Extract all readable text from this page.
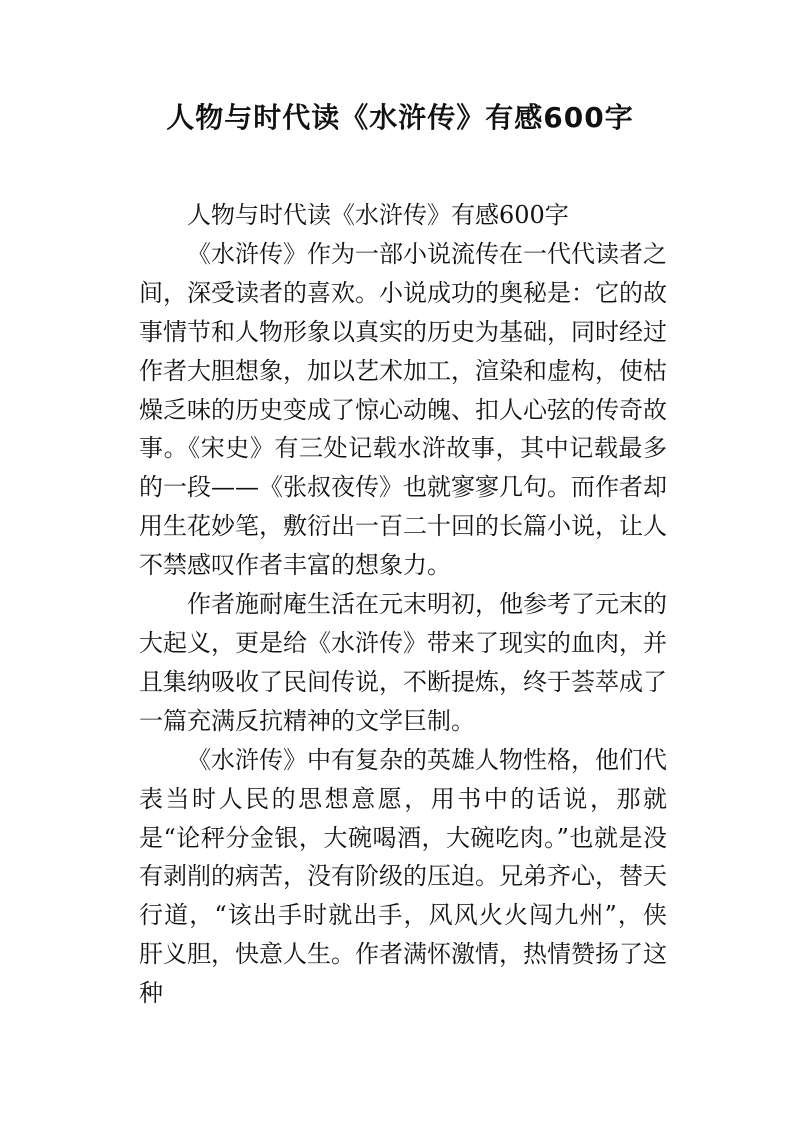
人物与时代读《水浒传》有感600字

人物与时代读《水浒传》有感600字

《水浒传》作为一部小说流传在一代代读者之间，深受读者的喜欢。小说成功的奥秘是：它的故事情节和人物形象以真实的历史为基础，同时经过作者大胆想象，加以艺术加工，渲染和虚构，使枯燥乏味的历史变成了惊心动魄、扣人心弦的传奇故事。《宋史》有三处记载水浒故事，其中记载最多的一段——《张叔夜传》也就寥寥几句。而作者却用生花妙笔，敷衍出一百二十回的长篇小说，让人不禁感叹作者丰富的想象力。

作者施耐庵生活在元末明初，他参考了元末的大起义，更是给《水浒传》带来了现实的血肉，并且集纳吸收了民间传说，不断提炼，终于荟萃成了一篇充满反抗精神的文学巨制。

《水浒传》中有复杂的英雄人物性格，他们代表当时人民的思想意愿，用书中的话说，那就是“论秤分金银，大碗喝酒，大碗吃肉。”也就是没有剥削的病苦，没有阶级的压迫。兄弟齐心，替天行道，“该出手时就出手，风风火火闯九州”，侠肝义胆，快意人生。作者满怀激情，热情赞扬了这种
